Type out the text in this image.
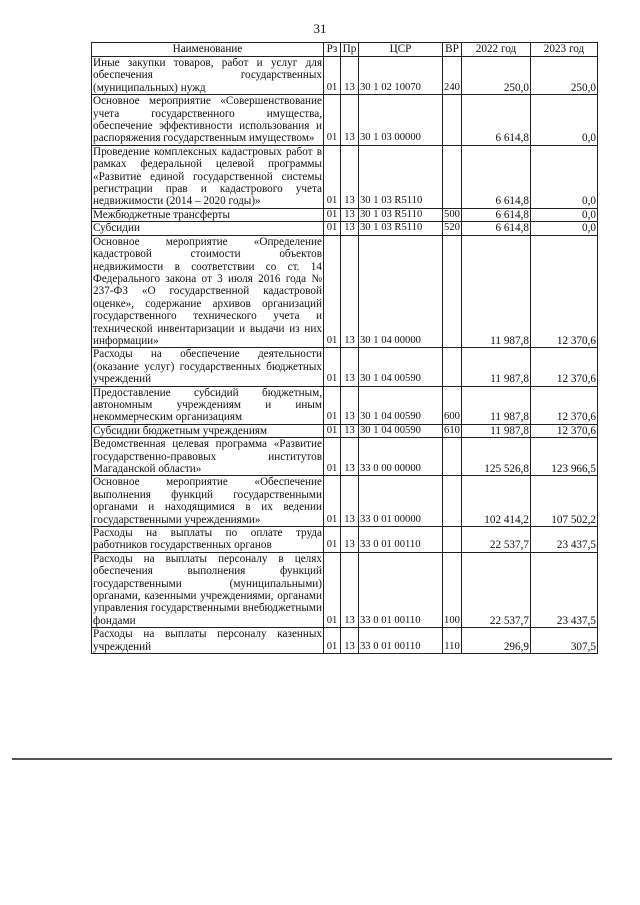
31
Наименование	Рз	Пр	ЦСР	ВР	2022 год	2023 год
Иные закупки товаров, работ и услуг для обеспечения государственных (муниципальных) нужд	01	13	30 1 02 10070	240	250,0	250,0
Основное мероприятие «Совершенствование учета государственного имущества, обеспечение эффективности использования и распоряжения государственным имуществом»	01	13	30 1 03 00000		6 614,8	0,0
Проведение комплексных кадастровых работ в рамках федеральной целевой программы «Развитие единой государственной системы регистрации прав и кадастрового учета недвижимости (2014 – 2020 годы)»	01	13	30 1 03 R5110		6 614,8	0,0
Межбюджетные трансферты	01	13	30 1 03 R5110	500	6 614,8	0,0
Субсидии	01	13	30 1 03 R5110	520	6 614,8	0,0
Основное мероприятие «Определение кадастровой стоимости объектов недвижимости в соответствии со ст. 14 Федерального закона от 3 июля 2016 года № 237-ФЗ «О государственной кадастровой оценке», содержание архивов организаций государственного технического учета и технической инвентаризации и выдачи из них информации»	01	13	30 1 04 00000		11 987,8	12 370,6
Расходы на обеспечение деятельности (оказание услуг) государственных бюджетных учреждений	01	13	30 1 04 00590		11 987,8	12 370,6
Предоставление субсидий бюджетным, автономным учреждениям и иным некоммерческим организациям	01	13	30 1 04 00590	600	11 987,8	12 370,6
Субсидии бюджетным учреждениям	01	13	30 1 04 00590	610	11 987,8	12 370,6
Ведомственная целевая программа «Развитие государственно-правовых институтов Магаданской области»	01	13	33 0 00 00000		125 526,8	123 966,5
Основное мероприятие «Обеспечение выполнения функций государственными органами и находящимися в их ведении государственными учреждениями»	01	13	33 0 01 00000		102 414,2	107 502,2
Расходы на выплаты по оплате труда работников государственных органов	01	13	33 0 01 00110		22 537,7	23 437,5
Расходы на выплаты персоналу в целях обеспечения выполнения функций государственными (муниципальными) органами, казенными учреждениями, органами управления государственными внебюджетными фондами	01	13	33 0 01 00110	100	22 537,7	23 437,5
Расходы на выплаты персоналу казенных учреждений	01	13	33 0 01 00110	110	296,9	307,5
